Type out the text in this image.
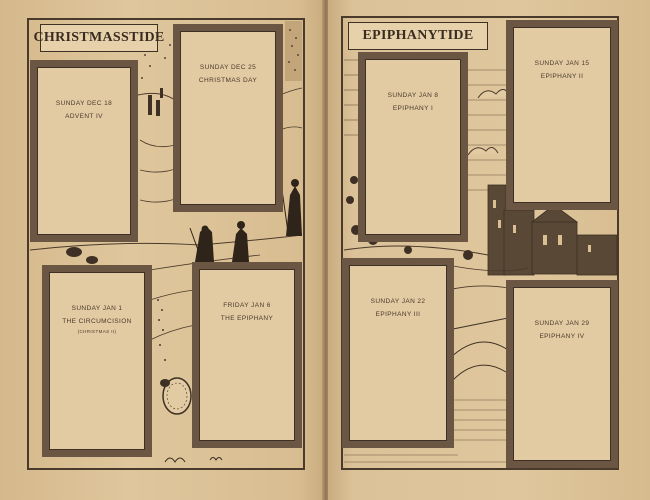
CHRISTMASSTIDE
SUNDAY DEC 18
ADVENT IV
SUNDAY DEC 25
CHRISTMAS DAY
SUNDAY JAN 1
THE CIRCUMCISION
(CHRISTMAS II)
FRIDAY JAN 6
THE EPIPHANY
EPIPHANYTIDE
SUNDAY JAN 8
EPIPHANY I
SUNDAY JAN 15
EPIPHANY II
SUNDAY JAN 22
EPIPHANY III
SUNDAY JAN 29
EPIPHANY IV
